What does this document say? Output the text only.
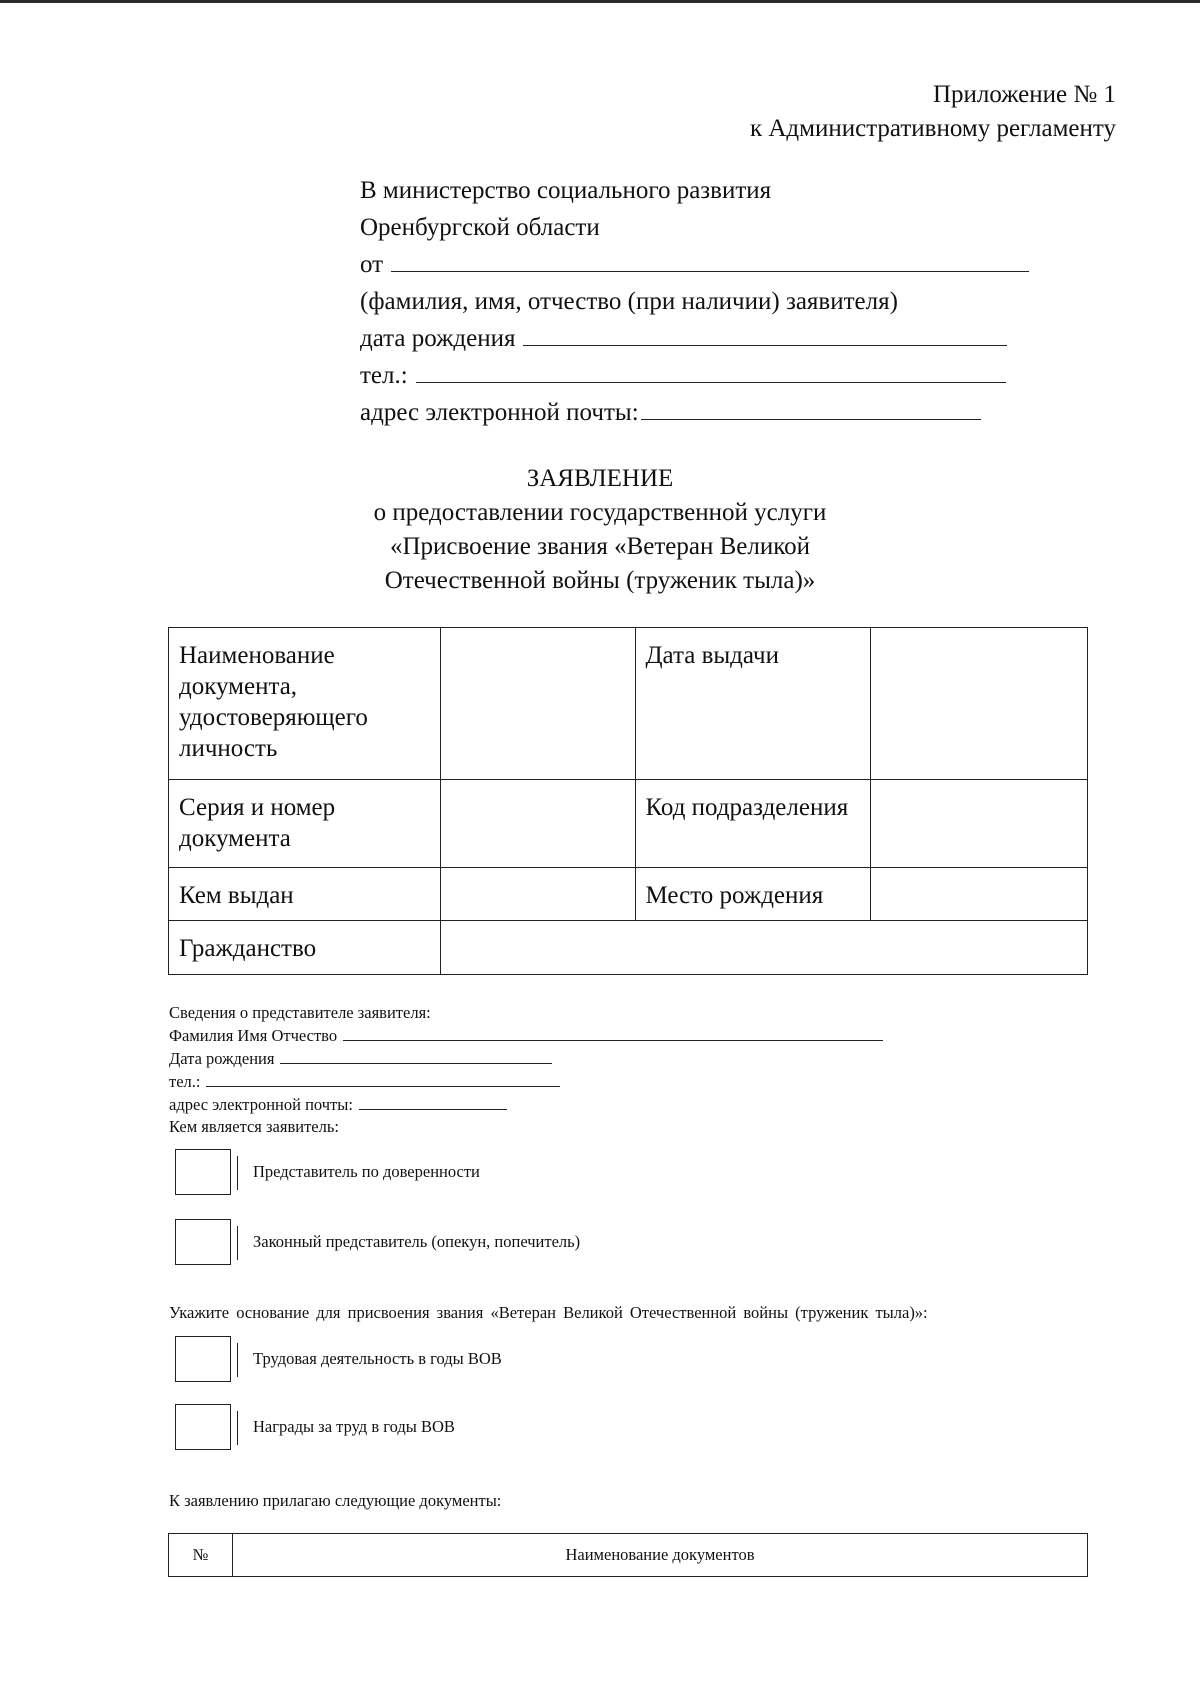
Приложение № 1
к Административному регламенту
В министерство социального развития
Оренбургской области
от
(фамилия, имя, отчество (при наличии) заявителя)
дата рождения
тел.:
адрес электронной почты:
ЗАЯВЛЕНИЕ
о предоставлении государственной услуги
«Присвоение звания «Ветеран Великой
Отечественной войны (труженик тыла)»
Наименование документа, удостоверяющего личность		Дата выдачи	
Серия и номер документа		Код подразделения	
Кем выдан		Место рождения	
Гражданство			
Сведения о представителе заявителя:
Фамилия Имя Отчество
Дата рождения
тел.:
адрес электронной почты:
Кем является заявитель:
Представитель по доверенности
Законный представитель (опекун, попечитель)
Укажите основание для присвоения звания «Ветеран Великой Отечественной войны (труженик тыла)»:
Трудовая деятельность в годы ВОВ
Награды за труд в годы ВОВ
К заявлению прилагаю следующие документы:
№	Наименование документов
